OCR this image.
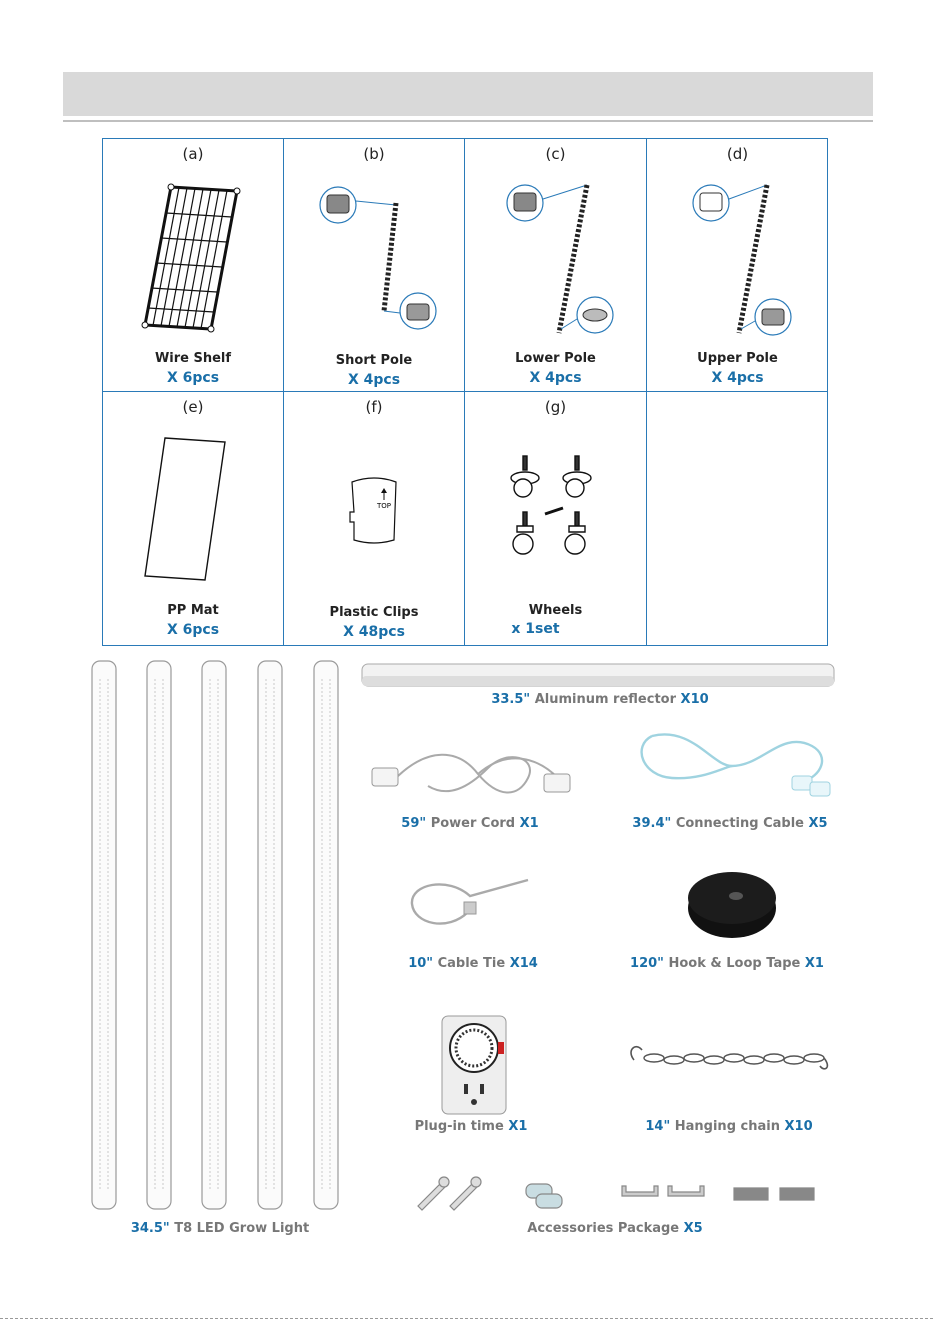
(a)
Wire Shelf
X 6pcs
(b)
Short Pole
X 4pcs
(c)
Lower Pole
X 4pcs
(d)
Upper Pole
X 4pcs
(e)
PP Mat
X 6pcs
(f)
TOP
Plastic Clips
X 48pcs
(g)
Wheels
x 1set
34.5" T8 LED Grow Light
33.5" Aluminum reflector X10
59" Power Cord X1	39.4" Connecting Cable X5
10" Cable Tie X14	120" Hook & Loop Tape X1
Plug-in time X1	14" Hanging chain X10
Accessories Package X5
